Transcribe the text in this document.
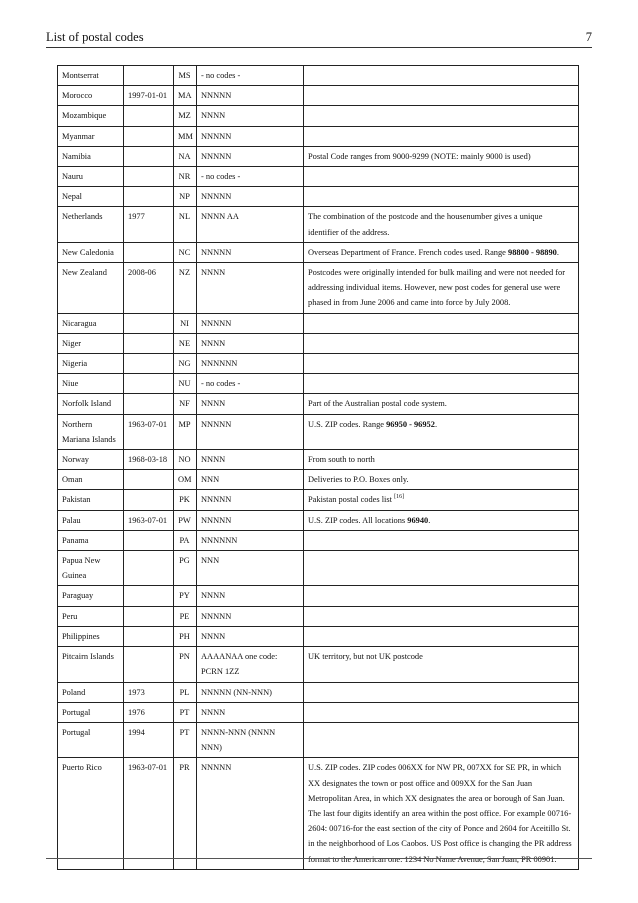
List of postal codes	7
Montserrat		MS	- no codes -	
Morocco	1997-01-01	MA	NNNNN	
Mozambique		MZ	NNNN	
Myanmar		MM	NNNNN	
Namibia		NA	NNNNN	Postal Code ranges from 9000-9299 (NOTE: mainly 9000 is used)
Nauru		NR	- no codes -	
Nepal		NP	NNNNN	
Netherlands	1977	NL	NNNN AA	The combination of the postcode and the housenumber gives a unique identifier of the address.
New Caledonia		NC	NNNNN	Overseas Department of France. French codes used. Range 98800 - 98890.
New Zealand	2008-06	NZ	NNNN	Postcodes were originally intended for bulk mailing and were not needed for addressing individual items. However, new post codes for general use were phased in from June 2006 and came into force by July 2008.
Nicaragua		NI	NNNNN	
Niger		NE	NNNN	
Nigeria		NG	NNNNNN	
Niue		NU	- no codes -	
Norfolk Island		NF	NNNN	Part of the Australian postal code system.
Northern Mariana Islands	1963-07-01	MP	NNNNN	U.S. ZIP codes. Range 96950 - 96952.
Norway	1968-03-18	NO	NNNN	From south to north
Oman		OM	NNN	Deliveries to P.O. Boxes only.
Pakistan		PK	NNNNN	Pakistan postal codes list [16]
Palau	1963-07-01	PW	NNNNN	U.S. ZIP codes. All locations 96940.
Panama		PA	NNNNNN	
Papua New Guinea		PG	NNN	
Paraguay		PY	NNNN	
Peru		PE	NNNNN	
Philippines		PH	NNNN	
Pitcairn Islands		PN	AAAANAA one code: PCRN 1ZZ	UK territory, but not UK postcode
Poland	1973	PL	NNNNN (NN-NNN)	
Portugal	1976	PT	NNNN	
Portugal	1994	PT	NNNN-NNN (NNNN NNN)	
Puerto Rico	1963-07-01	PR	NNNNN	U.S. ZIP codes. ZIP codes 006XX for NW PR, 007XX for SE PR, in which XX designates the town or post office and 009XX for the San Juan Metropolitan Area, in which XX designates the area or borough of San Juan. The last four digits identify an area within the post office. For example 00716-2604: 00716-for the east section of the city of Ponce and 2604 for Aceitillo St. in the neighborhood of Los Caobos. US Post office is changing the PR address format to the American one: 1234 No Name Avenue, San Juan, PR 00901.
